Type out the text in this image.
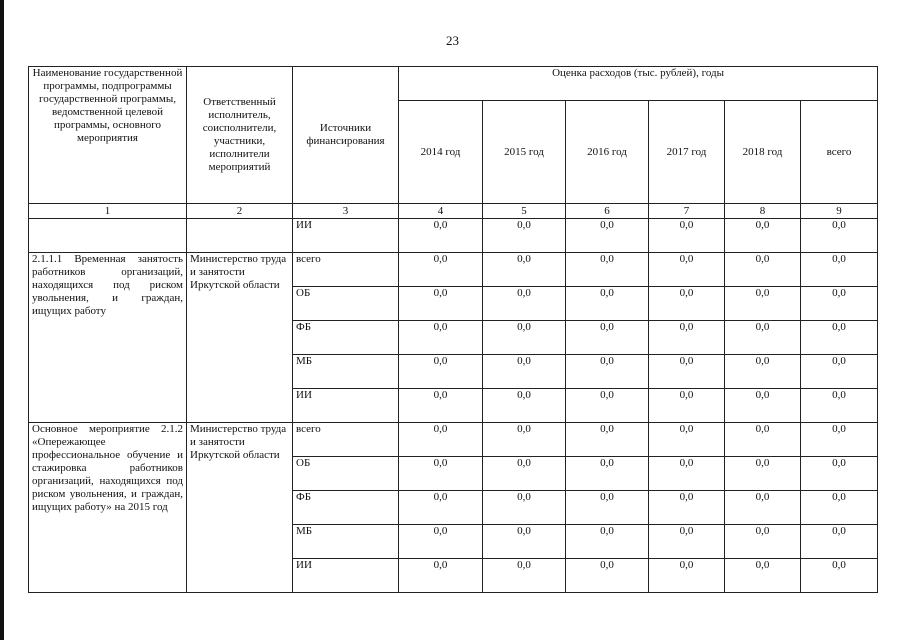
23
Наименование государственной программы, подпрограммы государственной программы, ведомственной целевой программы, основного мероприятия	Ответственный исполнитель, соисполнители, участники, исполнители мероприятий	Источники финансирования	Оценка расходов (тыс. рублей), годы					
			2014 год	2015 год	2016 год	2017 год	2018 год	всего
1	2	3	4	5	6	7	8	9
		ИИ	0,0	0,0	0,0	0,0	0,0	0,0
2.1.1.1 Временная занятость работников организаций, находящихся под риском увольнения, и граждан, ищущих работу	Министерство труда и занятости Иркутской области	всего	0,0	0,0	0,0	0,0	0,0	0,0
		ОБ	0,0	0,0	0,0	0,0	0,0	0,0
		ФБ	0,0	0,0	0,0	0,0	0,0	0,0
		МБ	0,0	0,0	0,0	0,0	0,0	0,0
		ИИ	0,0	0,0	0,0	0,0	0,0	0,0
Основное мероприятие 2.1.2 «Опережающее профессиональное обучение и стажировка работников организаций, находящихся под риском увольнения, и граждан, ищущих работу» на 2015 год	Министерство труда и занятости Иркутской области	всего	0,0	0,0	0,0	0,0	0,0	0,0
		ОБ	0,0	0,0	0,0	0,0	0,0	0,0
		ФБ	0,0	0,0	0,0	0,0	0,0	0,0
		МБ	0,0	0,0	0,0	0,0	0,0	0,0
		ИИ	0,0	0,0	0,0	0,0	0,0	0,0
